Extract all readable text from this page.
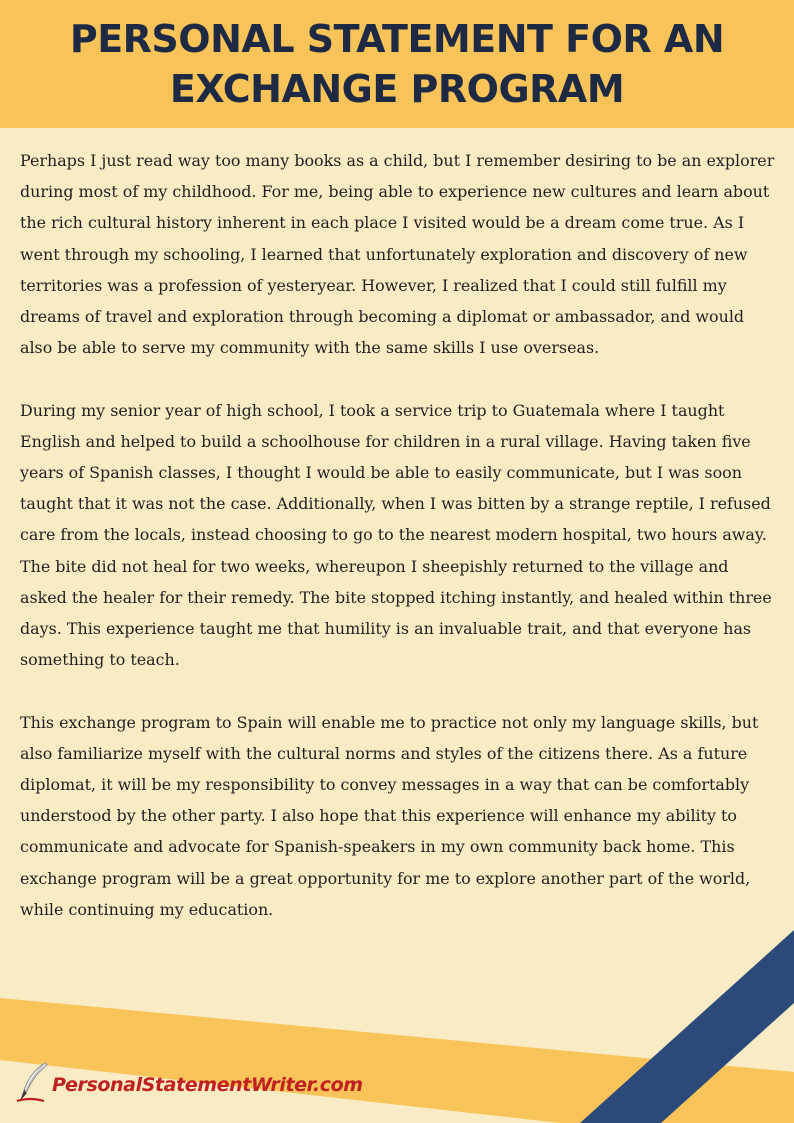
PERSONAL STATEMENT FOR AN
EXCHANGE PROGRAM

Perhaps I just read way too many books as a child, but I remember desiring to be an explorer during most of my childhood. For me, being able to experience new cultures and learn about the rich cultural history inherent in each place I visited would be a dream come true. As I went through my schooling, I learned that unfortunately exploration and discovery of new territories was a profession of yesteryear. However, I realized that I could still fulfill my dreams of travel and exploration through becoming a diplomat or ambassador, and would also be able to serve my community with the same skills I use overseas.

During my senior year of high school, I took a service trip to Guatemala where I taught English and helped to build a schoolhouse for children in a rural village. Having taken five years of Spanish classes, I thought I would be able to easily communicate, but I was soon taught that it was not the case. Additionally, when I was bitten by a strange reptile, I refused care from the locals, instead choosing to go to the nearest modern hospital, two hours away. The bite did not heal for two weeks, whereupon I sheepishly returned to the village and asked the healer for their remedy. The bite stopped itching instantly, and healed within three days. This experience taught me that humility is an invaluable trait, and that everyone has something to teach.

This exchange program to Spain will enable me to practice not only my language skills, but also familiarize myself with the cultural norms and styles of the citizens there. As a future diplomat, it will be my responsibility to convey messages in a way that can be comfortably understood by the other party. I also hope that this experience will enhance my ability to communicate and advocate for Spanish-speakers in my own community back home. This exchange program will be a great opportunity for me to explore another part of the world, while continuing my education.

PersonalStatementWriter.com
